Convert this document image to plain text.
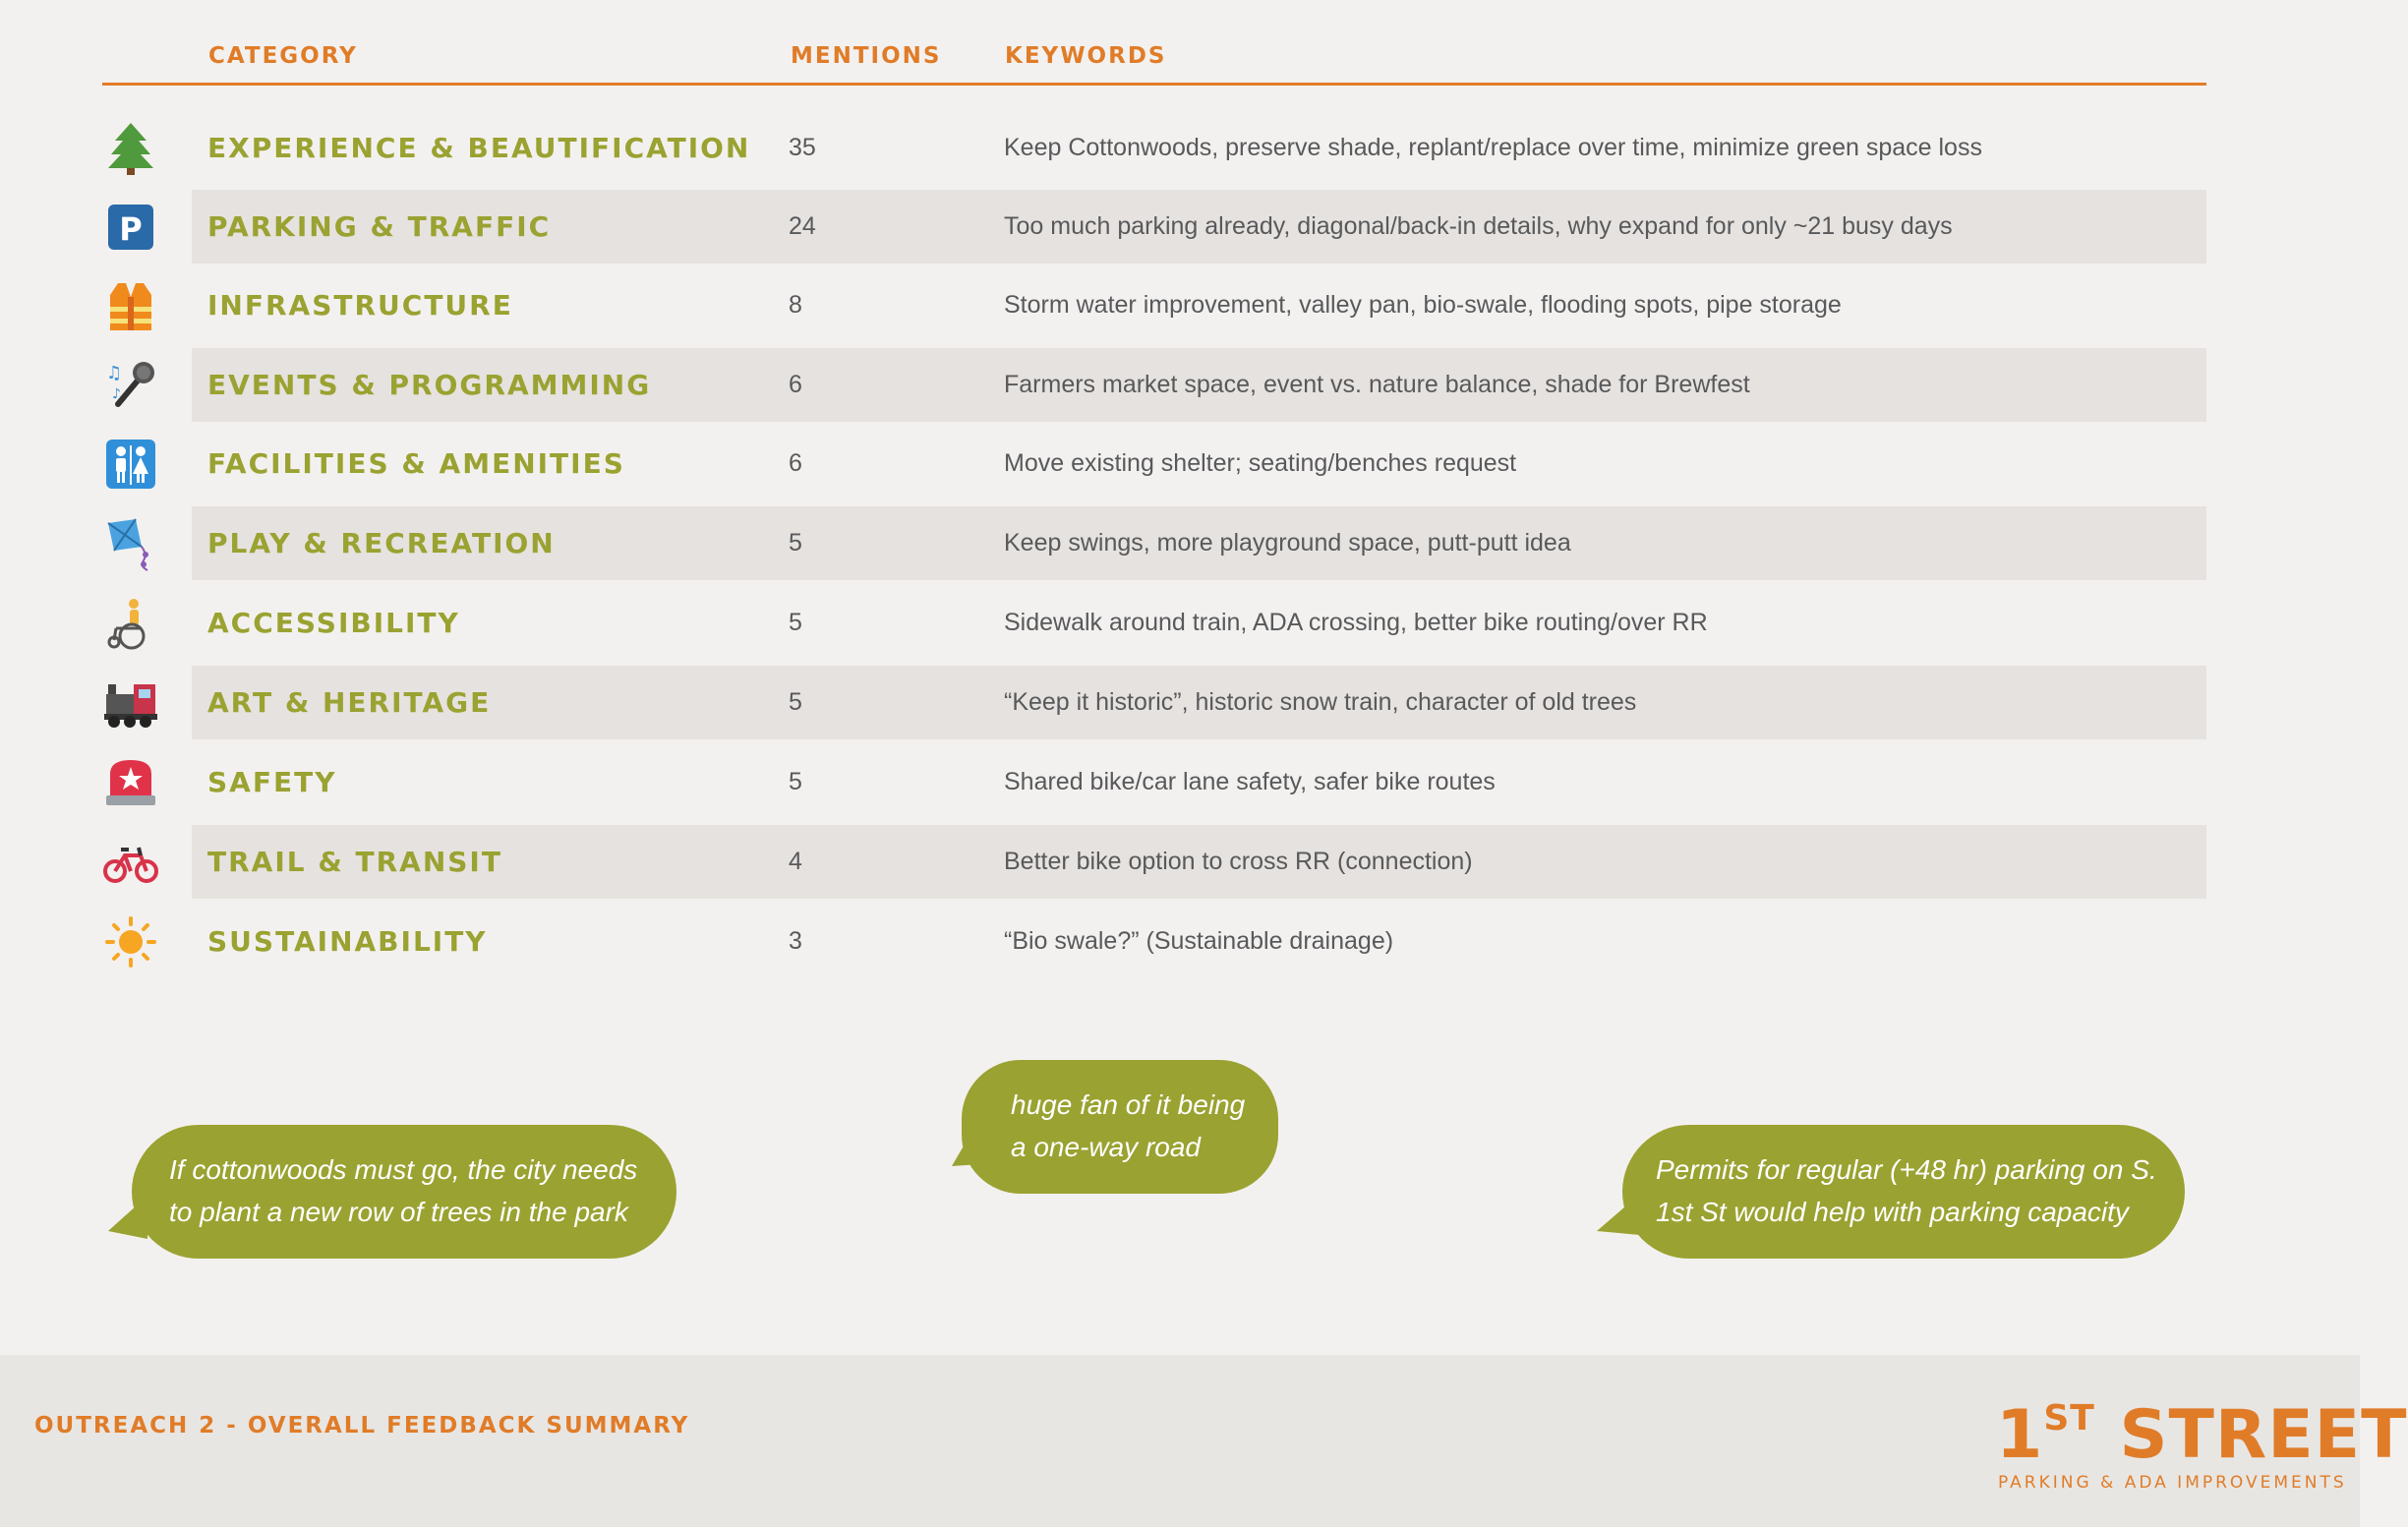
CATEGORY	MENTIONS	KEYWORDS
EXPERIENCE & BEAUTIFICATION 35	Keep Cottonwoods, preserve shade, replant/replace over time, minimize green space loss
P PARKING & TRAFFIC	24	Too much parking already, diagonal/back-in details, why expand for only ~21 busy days
INFRASTRUCTURE	8	Storm water improvement, valley pan, bio-swale, flooding spots, pipe storage
♫
♪	EVENTS & PROGRAMMING	6	Farmers market space, event vs. nature balance, shade for Brewfest
FACILITIES & AMENITIES	6	Move existing shelter; seating/benches request
PLAY & RECREATION	5	Keep swings, more playground space, putt-putt idea
ACCESSIBILITY	5	Sidewalk around train, ADA crossing, better bike routing/over RR
ART & HERITAGE	5	“Keep it historic”, historic snow train, character of old trees
SAFETY	5	Shared bike/car lane safety, safer bike routes
TRAIL & TRANSIT	4	Better bike option to cross RR (connection)
SUSTAINABILITY	3	“Bio swale?” (Sustainable drainage)
If cottonwoods must go, the city needs
to plant a new row of trees in the park
huge fan of it being
a one-way road
Permits for regular (+48 hr) parking on S.
1st St would help with parking capacity
OUTREACH 2 - OVERALL FEEDBACK SUMMARY	1ST STREET
PARKING & ADA IMPROVEMENTS
